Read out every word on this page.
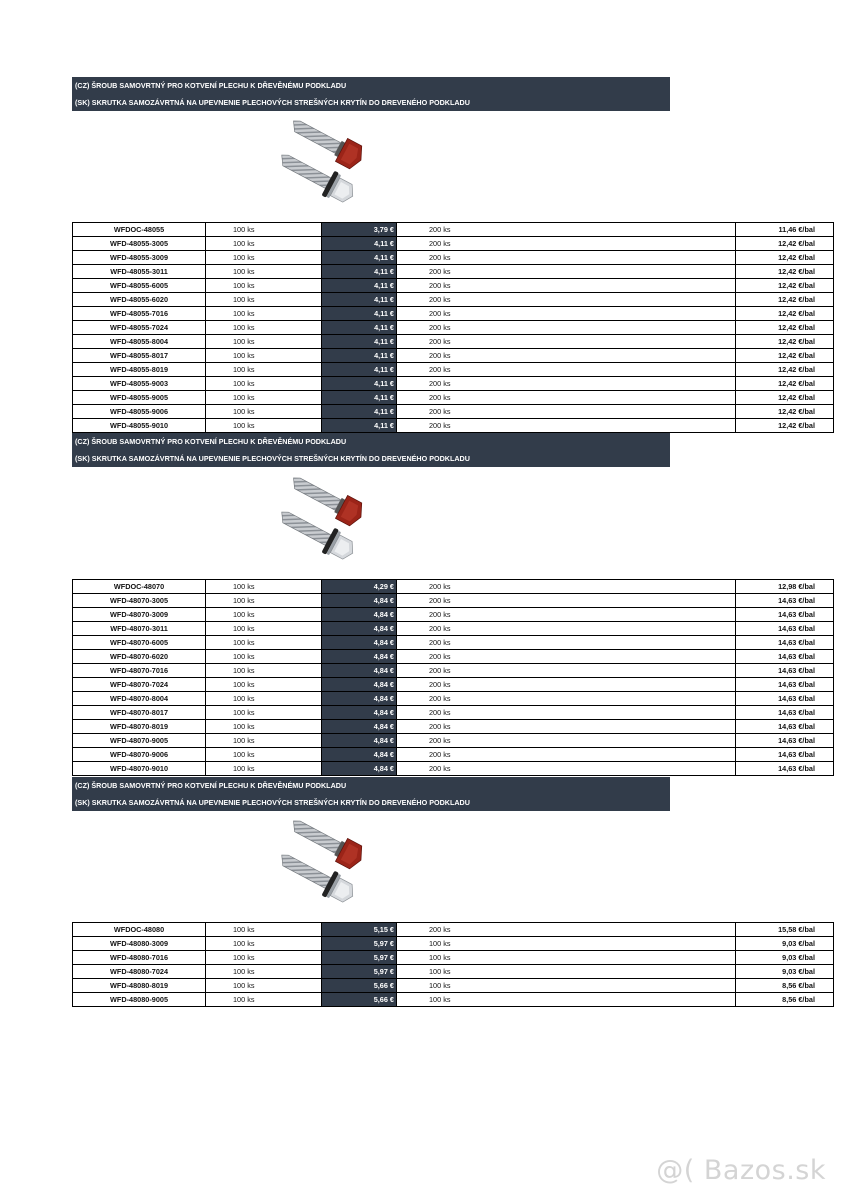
(CZ) ŠROUB SAMOVRTNÝ PRO KOTVENÍ PLECHU K DŘEVĚNÉMU PODKLADU
(SK) SKRUTKA SAMOZÁVRTNÁ NA UPEVNENIE PLECHOVÝCH STREŠNÝCH KRYTÍN DO DREVENÉHO PODKLADU
WFDOC-48055	100 ks	3,79 €	200 ks	11,46 €/bal
WFD-48055-3005	100 ks	4,11 €	200 ks	12,42 €/bal
WFD-48055-3009	100 ks	4,11 €	200 ks	12,42 €/bal
WFD-48055-3011	100 ks	4,11 €	200 ks	12,42 €/bal
WFD-48055-6005	100 ks	4,11 €	200 ks	12,42 €/bal
WFD-48055-6020	100 ks	4,11 €	200 ks	12,42 €/bal
WFD-48055-7016	100 ks	4,11 €	200 ks	12,42 €/bal
WFD-48055-7024	100 ks	4,11 €	200 ks	12,42 €/bal
WFD-48055-8004	100 ks	4,11 €	200 ks	12,42 €/bal
WFD-48055-8017	100 ks	4,11 €	200 ks	12,42 €/bal
WFD-48055-8019	100 ks	4,11 €	200 ks	12,42 €/bal
WFD-48055-9003	100 ks	4,11 €	200 ks	12,42 €/bal
WFD-48055-9005	100 ks	4,11 €	200 ks	12,42 €/bal
WFD-48055-9006	100 ks	4,11 €	200 ks	12,42 €/bal
WFD-48055-9010	100 ks	4,11 €	200 ks	12,42 €/bal
(CZ) ŠROUB SAMOVRTNÝ PRO KOTVENÍ PLECHU K DŘEVĚNÉMU PODKLADU
(SK) SKRUTKA SAMOZÁVRTNÁ NA UPEVNENIE PLECHOVÝCH STREŠNÝCH KRYTÍN DO DREVENÉHO PODKLADU
WFDOC-48070	100 ks	4,29 €	200 ks	12,98 €/bal
WFD-48070-3005	100 ks	4,84 €	200 ks	14,63 €/bal
WFD-48070-3009	100 ks	4,84 €	200 ks	14,63 €/bal
WFD-48070-3011	100 ks	4,84 €	200 ks	14,63 €/bal
WFD-48070-6005	100 ks	4,84 €	200 ks	14,63 €/bal
WFD-48070-6020	100 ks	4,84 €	200 ks	14,63 €/bal
WFD-48070-7016	100 ks	4,84 €	200 ks	14,63 €/bal
WFD-48070-7024	100 ks	4,84 €	200 ks	14,63 €/bal
WFD-48070-8004	100 ks	4,84 €	200 ks	14,63 €/bal
WFD-48070-8017	100 ks	4,84 €	200 ks	14,63 €/bal
WFD-48070-8019	100 ks	4,84 €	200 ks	14,63 €/bal
WFD-48070-9005	100 ks	4,84 €	200 ks	14,63 €/bal
WFD-48070-9006	100 ks	4,84 €	200 ks	14,63 €/bal
WFD-48070-9010	100 ks	4,84 €	200 ks	14,63 €/bal
(CZ) ŠROUB SAMOVRTNÝ PRO KOTVENÍ PLECHU K DŘEVĚNÉMU PODKLADU
(SK) SKRUTKA SAMOZÁVRTNÁ NA UPEVNENIE PLECHOVÝCH STREŠNÝCH KRYTÍN DO DREVENÉHO PODKLADU
WFDOC-48080	100 ks	5,15 €	200 ks	15,58 €/bal
WFD-48080-3009	100 ks	5,97 €	100 ks	9,03 €/bal
WFD-48080-7016	100 ks	5,97 €	100 ks	9,03 €/bal
WFD-48080-7024	100 ks	5,97 €	100 ks	9,03 €/bal
WFD-48080-8019	100 ks	5,66 €	100 ks	8,56 €/bal
WFD-48080-9005	100 ks	5,66 €	100 ks	8,56 €/bal
@( Bazos.sk
